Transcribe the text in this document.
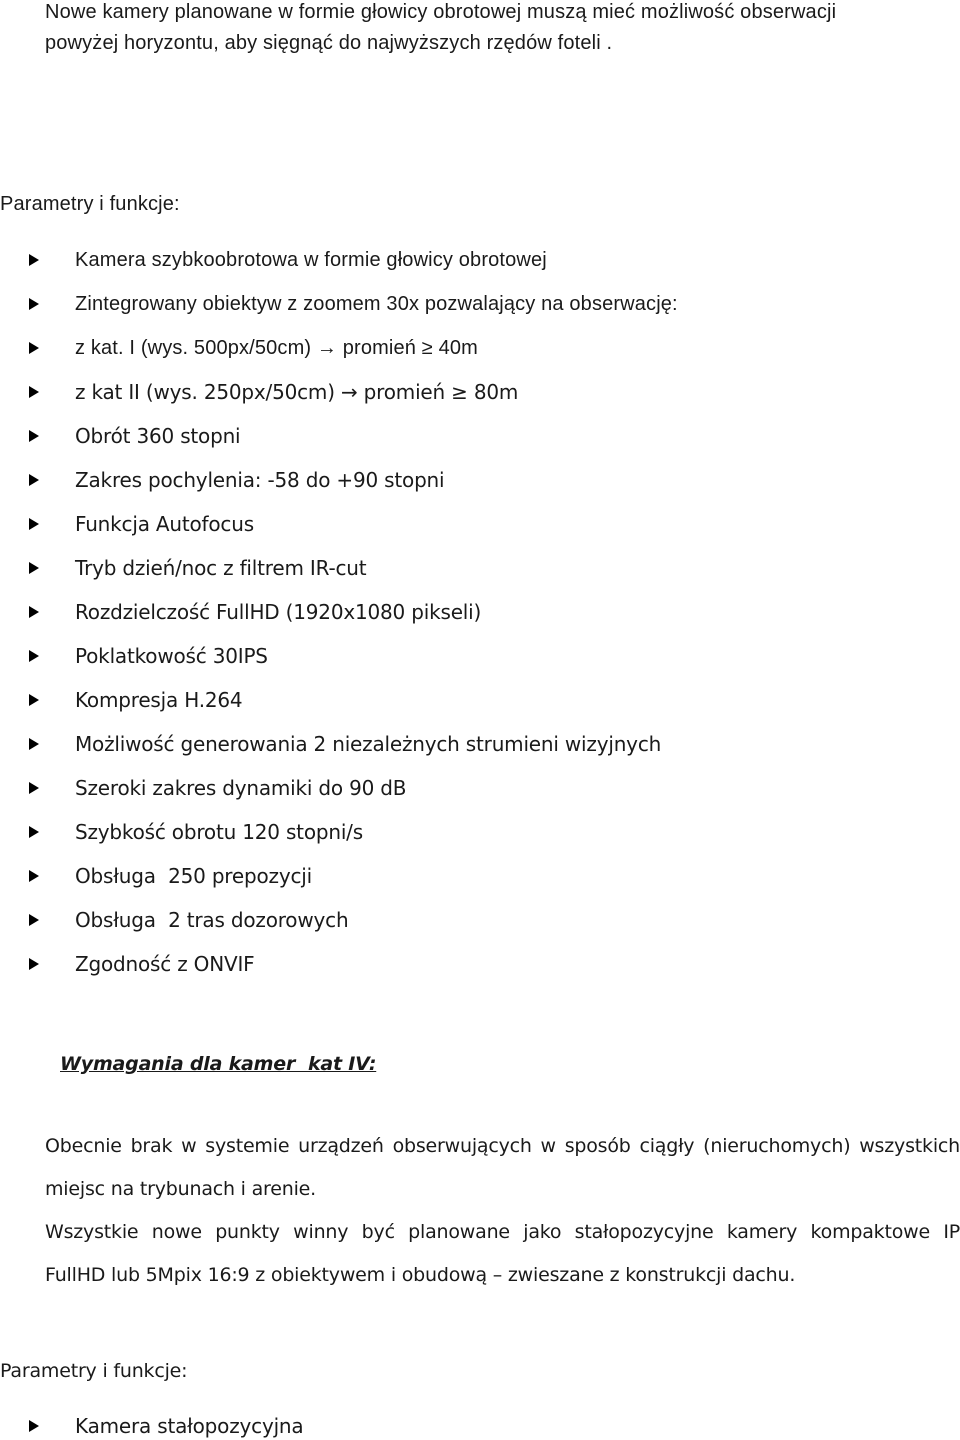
Nowe kamery planowane w formie głowicy obrotowej muszą mieć możliwość obserwacji
powyżej horyzontu, aby sięgnąć do najwyższych rzędów foteli .
Parametry i funkcje:
Kamera szybkoobrotowa w formie głowicy obrotowej
Zintegrowany obiektyw z zoomem 30x pozwalający na obserwację:
z kat. I (wys. 500px/50cm) → promień ≥ 40m
z kat II (wys. 250px/50cm) → promień ≥ 80m
Obrót 360 stopni
Zakres pochylenia: -58 do +90 stopni
Funkcja Autofocus
Tryb dzień/noc z filtrem IR-cut
Rozdzielczość FullHD (1920x1080 pikseli)
Poklatkowość 30IPS
Kompresja H.264
Możliwość generowania 2 niezależnych strumieni wizyjnych
Szeroki zakres dynamiki do 90 dB
Szybkość obrotu 120 stopni/s
Obsługa  250 prepozycji
Obsługa  2 tras dozorowych
Zgodność z ONVIF
Wymagania dla kamer  kat IV:
Obecnie brak w systemie urządzeń obserwujących w sposób ciągły (nieruchomych) wszystkich
miejsc na trybunach i arenie.
Wszystkie nowe punkty winny być planowane jako stałopozycyjne kamery kompaktowe IP
FullHD lub 5Mpix 16:9 z obiektywem i obudową – zwieszane z konstrukcji dachu.
Parametry i funkcje:
Kamera stałopozycyjna
